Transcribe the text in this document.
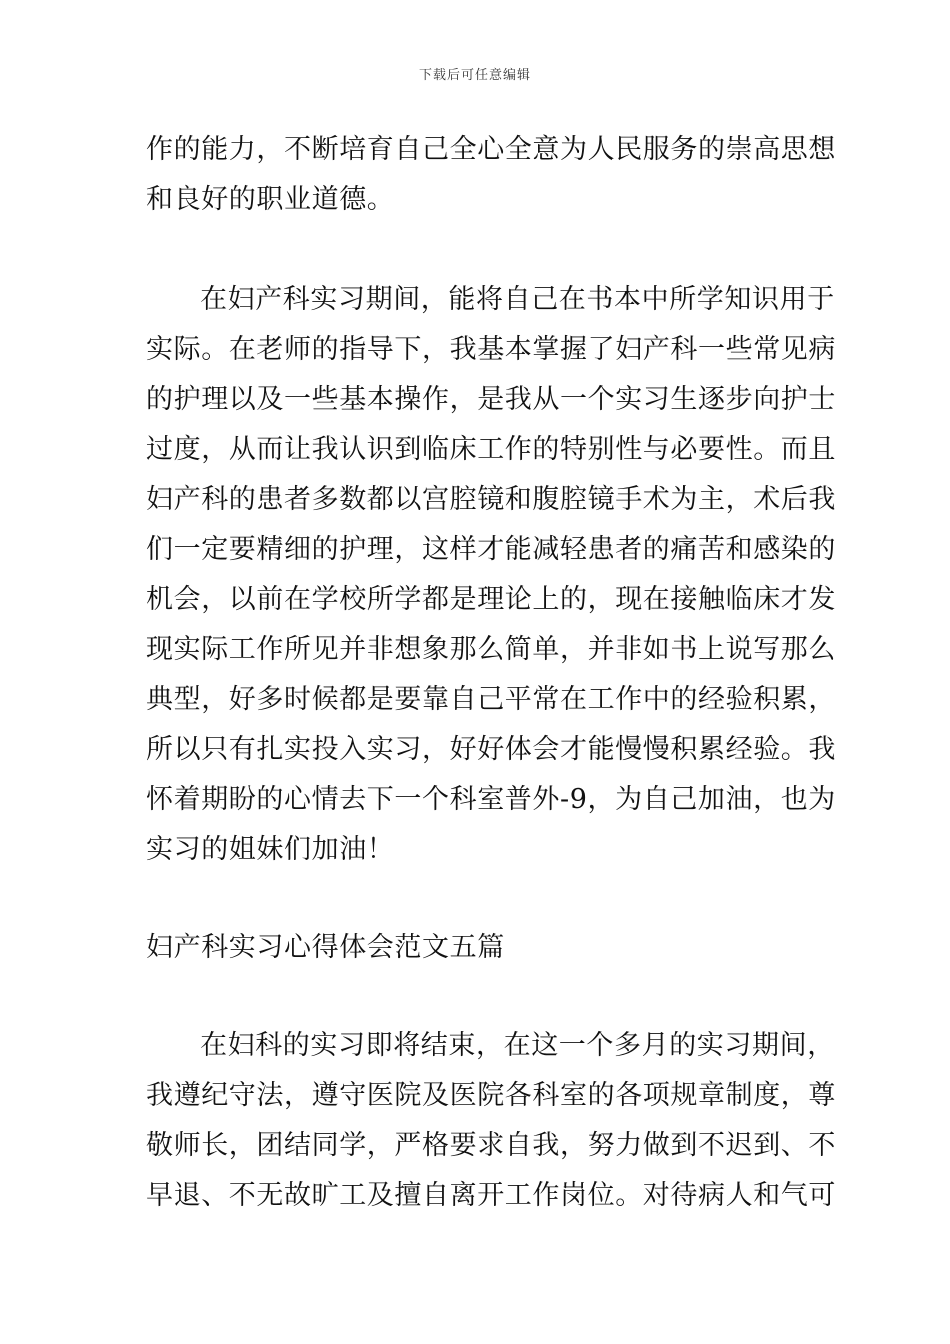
下载后可任意编辑
作的能力，不断培育自己全心全意为人民服务的崇高思想
和良好的职业道德。
在妇产科实习期间，能将自己在书本中所学知识用于
实际。在老师的指导下，我基本掌握了妇产科一些常见病
的护理以及一些基本操作，是我从一个实习生逐步向护士
过度，从而让我认识到临床工作的特别性与必要性。而且
妇产科的患者多数都以宫腔镜和腹腔镜手术为主，术后我
们一定要精细的护理，这样才能减轻患者的痛苦和感染的
机会，以前在学校所学都是理论上的，现在接触临床才发
现实际工作所见并非想象那么简单，并非如书上说写那么
典型，好多时候都是要靠自己平常在工作中的经验积累，
所以只有扎实投入实习，好好体会才能慢慢积累经验。我
怀着期盼的心情去下一个科室普外-9，为自己加油，也为
实习的姐妹们加油！
妇产科实习心得体会范文五篇
在妇科的实习即将结束，在这一个多月的实习期间，
我遵纪守法，遵守医院及医院各科室的各项规章制度，尊
敬师长，团结同学，严格要求自我，努力做到不迟到、不
早退、不无故旷工及擅自离开工作岗位。对待病人和气可
